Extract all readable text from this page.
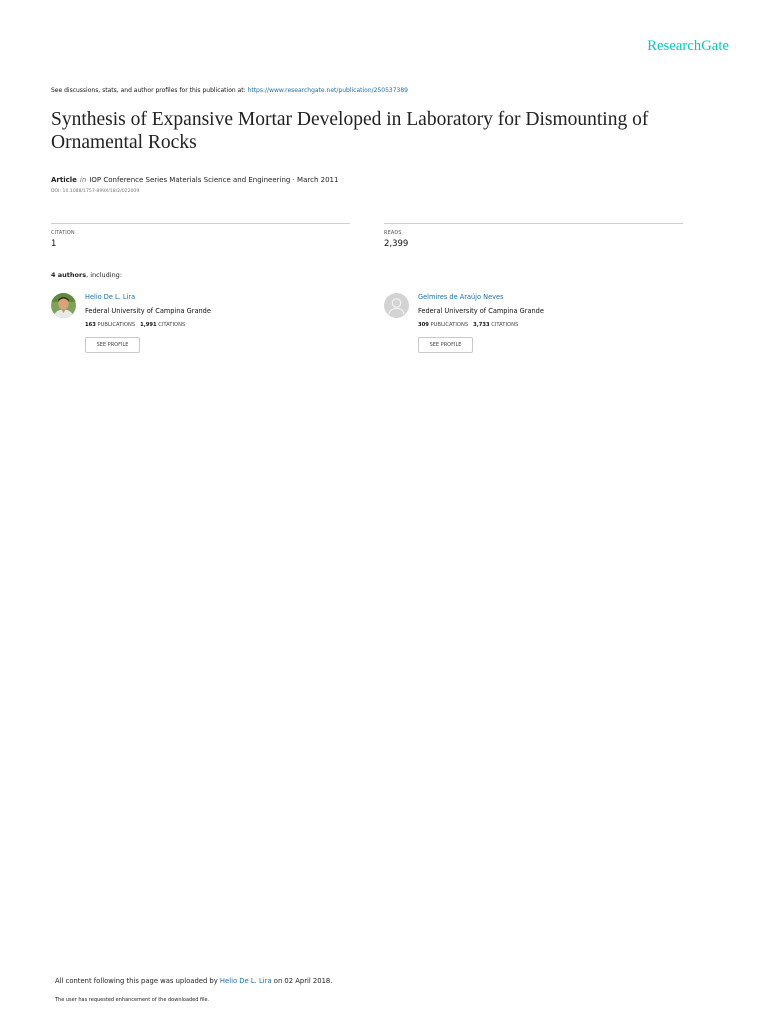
ResearchGate
See discussions, stats, and author profiles for this publication at: https://www.researchgate.net/publication/250537389
Synthesis of Expansive Mortar Developed in Laboratory for Dismounting of Ornamental Rocks
Article in IOP Conference Series Materials Science and Engineering · March 2011
DOI: 10.1088/1757-899X/18/2/022009
CITATION
1
READS
2,399
4 authors, including:
Helio De L. Lira
Federal University of Campina Grande
163 PUBLICATIONS 1,991 CITATIONS
SEE PROFILE
Gelmires de Araújo Neves
Federal University of Campina Grande
309 PUBLICATIONS 3,733 CITATIONS
SEE PROFILE
All content following this page was uploaded by Helio De L. Lira on 02 April 2018.
The user has requested enhancement of the downloaded file.
